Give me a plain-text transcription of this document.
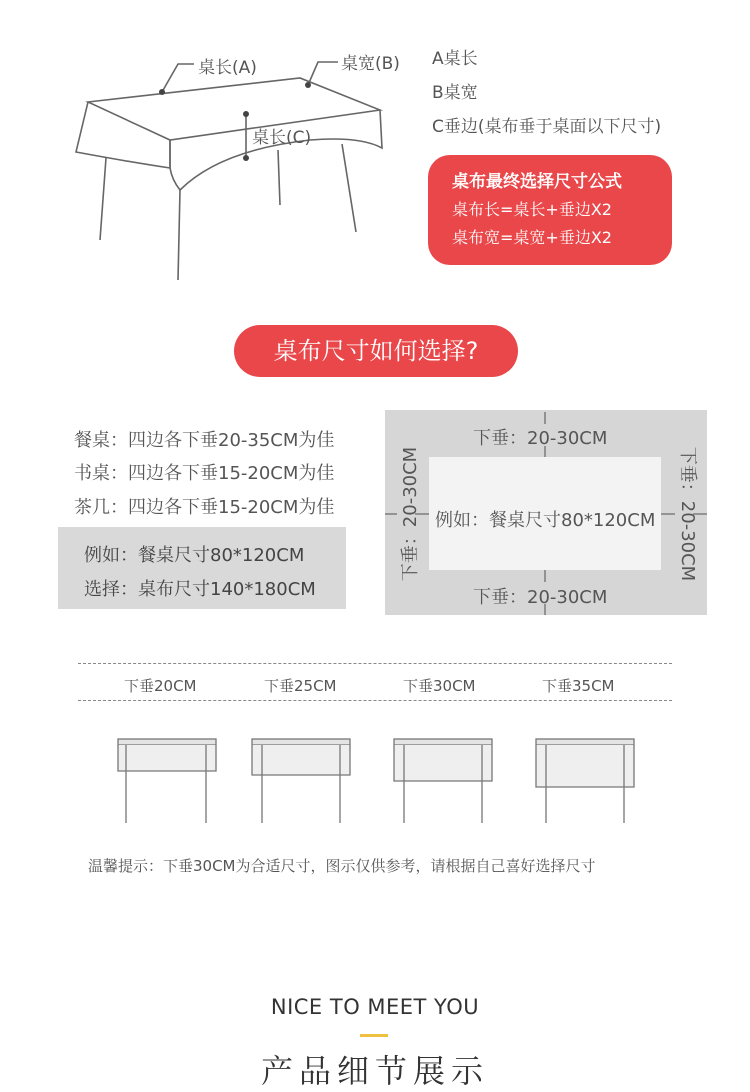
桌长(A)	桌宽(B)
桌长(C)
A桌长
B桌宽
C垂边(桌布垂于桌面以下尺寸)
桌布最终选择尺寸公式
桌布长=桌长+垂边X2
桌布宽=桌宽+垂边X2
桌布尺寸如何选择?
餐桌：四边各下垂20-35CM为佳
书桌：四边各下垂15-20CM为佳
茶几：四边各下垂15-20CM为佳
例如：餐桌尺寸80*120CM
选择：桌布尺寸140*180CM
下垂：20-30CM
下垂：20-30CM
下垂：20-30CM	下垂：20-30CM
例如：餐桌尺寸80*120CM
下垂20CM	下垂25CM	下垂30CM	下垂35CM
温馨提示：下垂30CM为合适尺寸，图示仅供参考，请根据自己喜好选择尺寸
NICE TO MEET YOU
产品细节展示
